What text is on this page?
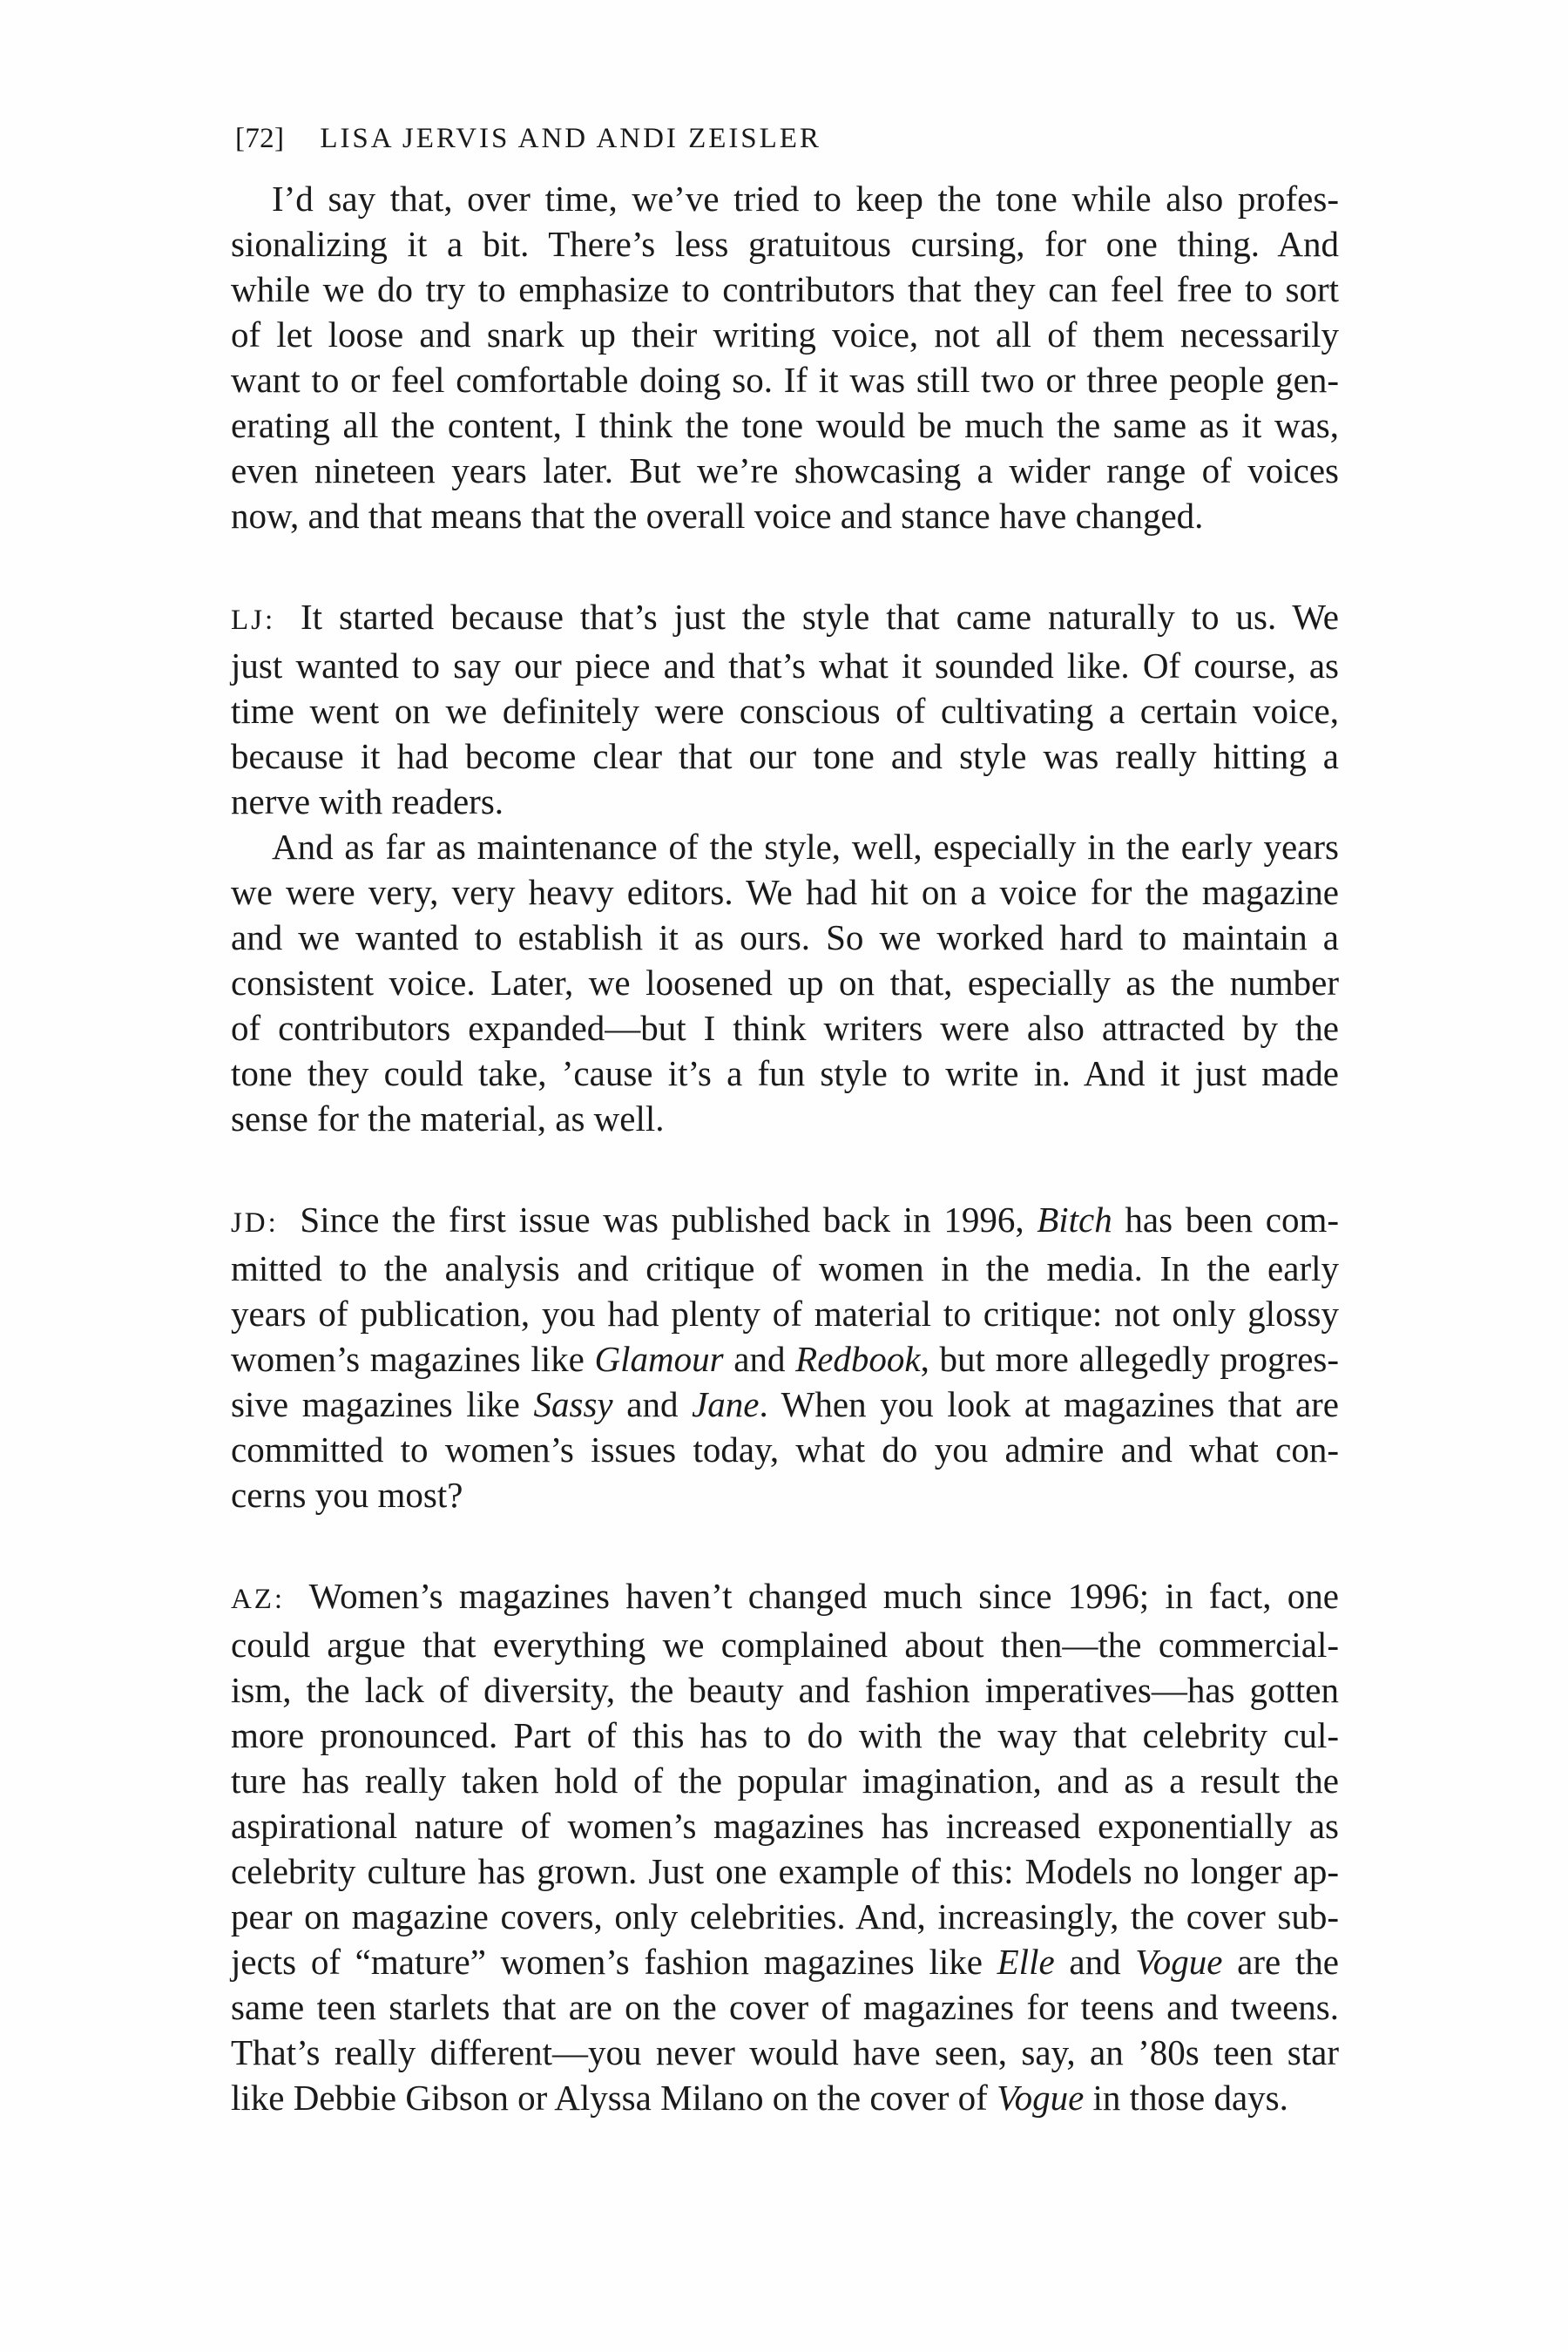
[72] LISA JERVIS AND ANDI ZEISLER
I’d say that, over time, we’ve tried to keep the tone while also profes-
sionalizing it a bit. There’s less gratuitous cursing, for one thing. And
while we do try to emphasize to contributors that they can feel free to sort
of let loose and snark up their writing voice, not all of them necessarily
want to or feel comfortable doing so. If it was still two or three people gen-
erating all the content, I think the tone would be much the same as it was,
even nineteen years later. But we’re showcasing a wider range of voices
now, and that means that the overall voice and stance have changed.
LJ: It started because that’s just the style that came naturally to us. We
just wanted to say our piece and that’s what it sounded like. Of course, as
time went on we definitely were conscious of cultivating a certain voice,
because it had become clear that our tone and style was really hitting a
nerve with readers.
And as far as maintenance of the style, well, especially in the early years
we were very, very heavy editors. We had hit on a voice for the magazine
and we wanted to establish it as ours. So we worked hard to maintain a
consistent voice. Later, we loosened up on that, especially as the number
of contributors expanded—but I think writers were also attracted by the
tone they could take, ’cause it’s a fun style to write in. And it just made
sense for the material, as well.
JD: Since the first issue was published back in 1996, Bitch has been com-
mitted to the analysis and critique of women in the media. In the early
years of publication, you had plenty of material to critique: not only glossy
women’s magazines like Glamour and Redbook, but more allegedly progres-
sive magazines like Sassy and Jane. When you look at magazines that are
committed to women’s issues today, what do you admire and what con-
cerns you most?
AZ: Women’s magazines haven’t changed much since 1996; in fact, one
could argue that everything we complained about then—the commercial-
ism, the lack of diversity, the beauty and fashion imperatives—has gotten
more pronounced. Part of this has to do with the way that celebrity cul-
ture has really taken hold of the popular imagination, and as a result the
aspirational nature of women’s magazines has increased exponentially as
celebrity culture has grown. Just one example of this: Models no longer ap-
pear on magazine covers, only celebrities. And, increasingly, the cover sub-
jects of “mature” women’s fashion magazines like Elle and Vogue are the
same teen starlets that are on the cover of magazines for teens and tweens.
That’s really different—you never would have seen, say, an ’80s teen star
like Debbie Gibson or Alyssa Milano on the cover of Vogue in those days.
